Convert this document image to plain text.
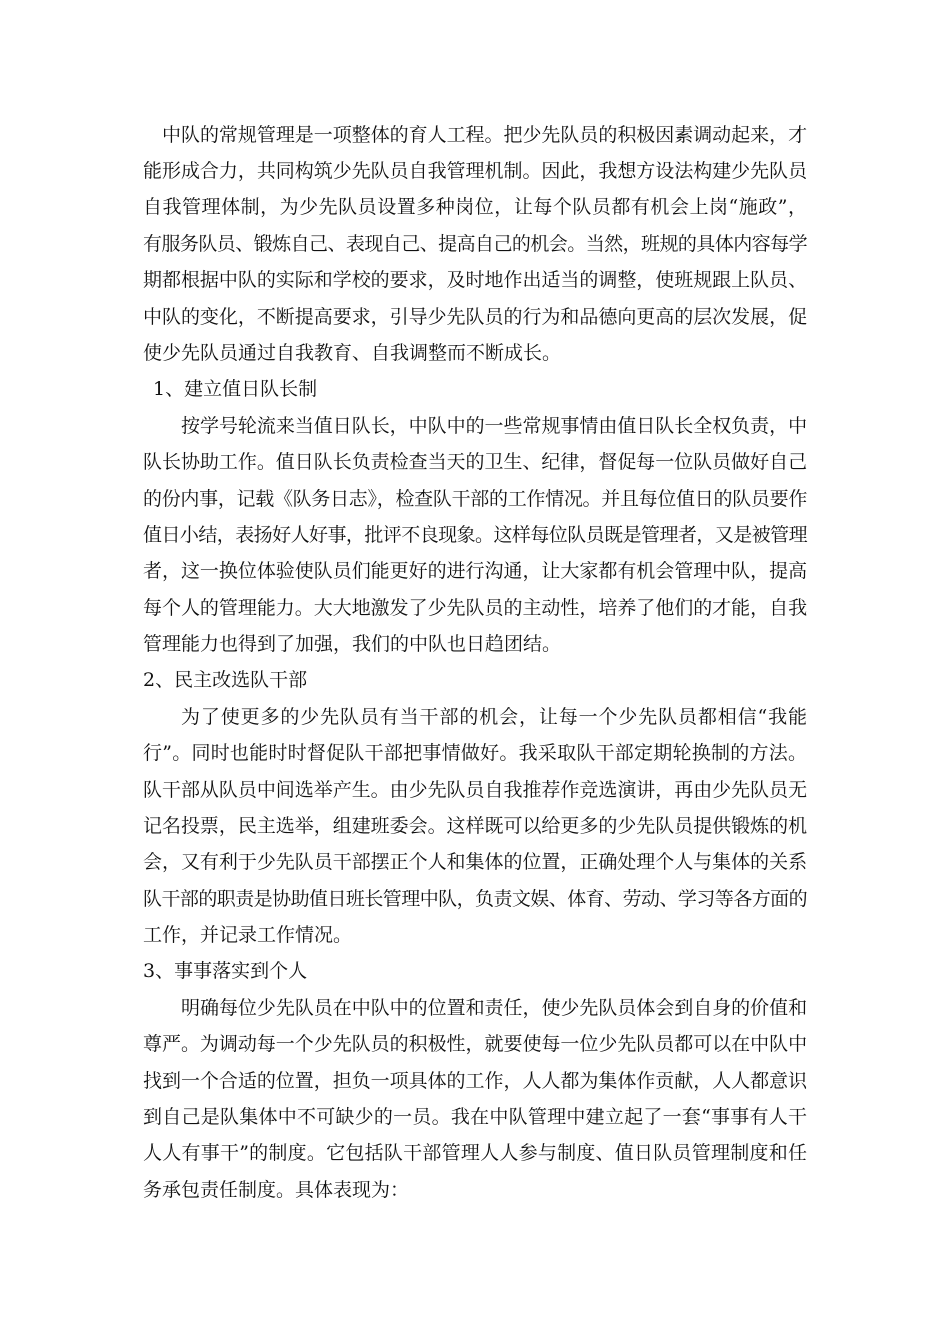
中队的常规管理是一项整体的育人工程。把少先队员的积极因素调动起来，才
能形成合力，共同构筑少先队员自我管理机制。因此，我想方设法构建少先队员
自我管理体制，为少先队员设置多种岗位，让每个队员都有机会上岗“施政”，
有服务队员、锻炼自己、表现自己、提高自己的机会。当然，班规的具体内容每学
期都根据中队的实际和学校的要求，及时地作出适当的调整，使班规跟上队员、
中队的变化，不断提高要求，引导少先队员的行为和品德向更高的层次发展，促
使少先队员通过自我教育、自我调整而不断成长。
1、建立值日队长制
按学号轮流来当值日队长，中队中的一些常规事情由值日队长全权负责，中
队长协助工作。值日队长负责检查当天的卫生、纪律，督促每一位队员做好自己
的份内事，记载《队务日志》，检查队干部的工作情况。并且每位值日的队员要作
值日小结，表扬好人好事，批评不良现象。这样每位队员既是管理者，又是被管理
者，这一换位体验使队员们能更好的进行沟通，让大家都有机会管理中队，提高
每个人的管理能力。大大地激发了少先队员的主动性，培养了他们的才能，自我
管理能力也得到了加强，我们的中队也日趋团结。
2、民主改选队干部
为了使更多的少先队员有当干部的机会，让每一个少先队员都相信“我能
行”。同时也能时时督促队干部把事情做好。我采取队干部定期轮换制的方法。
队干部从队员中间选举产生。由少先队员自我推荐作竞选演讲，再由少先队员无
记名投票，民主选举，组建班委会。这样既可以给更多的少先队员提供锻炼的机
会，又有利于少先队员干部摆正个人和集体的位置，正确处理个人与集体的关系
队干部的职责是协助值日班长管理中队，负责文娱、体育、劳动、学习等各方面的
工作，并记录工作情况。
3、事事落实到个人
明确每位少先队员在中队中的位置和责任，使少先队员体会到自身的价值和
尊严。为调动每一个少先队员的积极性，就要使每一位少先队员都可以在中队中
找到一个合适的位置，担负一项具体的工作，人人都为集体作贡献，人人都意识
到自己是队集体中不可缺少的一员。我在中队管理中建立起了一套“事事有人干
人人有事干”的制度。它包括队干部管理人人参与制度、值日队员管理制度和任
务承包责任制度。具体表现为：
